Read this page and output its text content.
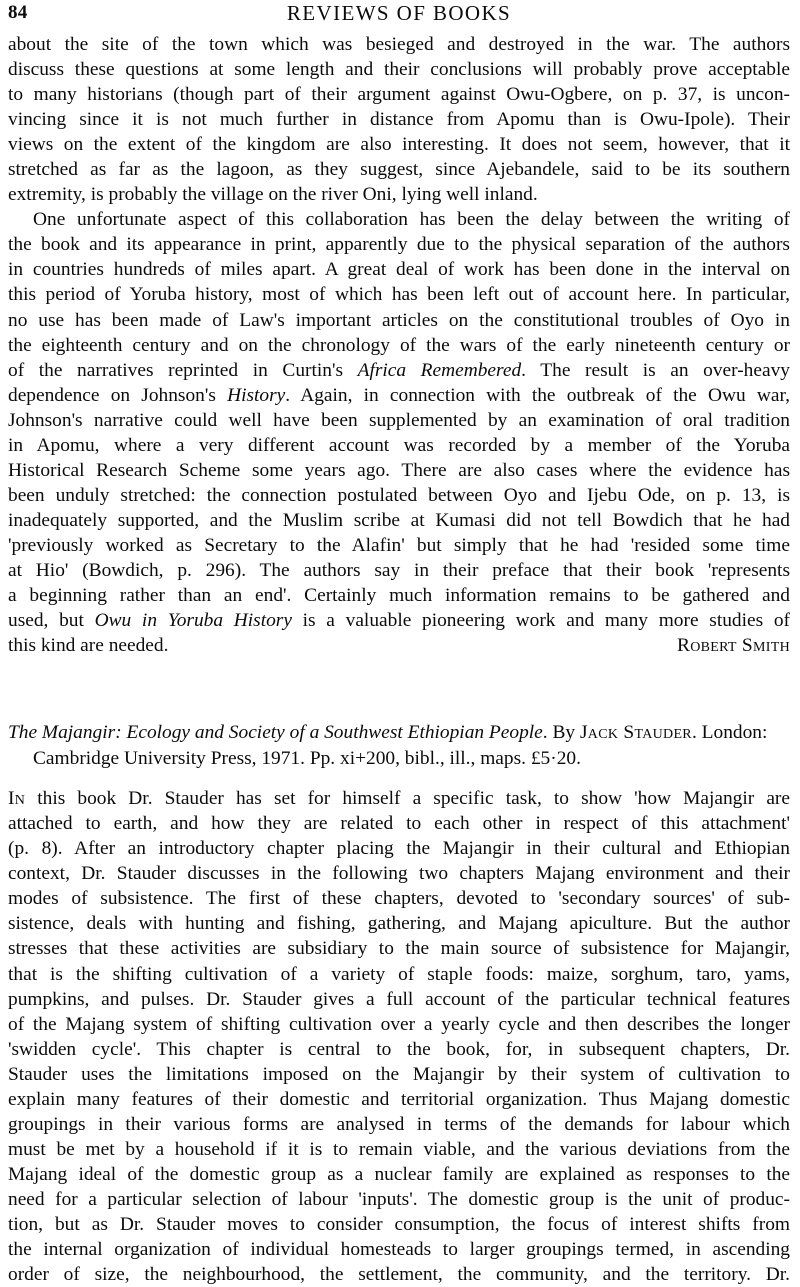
84	REVIEWS OF BOOKS
about the site of the town which was besieged and destroyed in the war. The authors
discuss these questions at some length and their conclusions will probably prove acceptable
to many historians (though part of their argument against Owu-Ogbere, on p. 37, is uncon-
vincing since it is not much further in distance from Apomu than is Owu-Ipole). Their
views on the extent of the kingdom are also interesting. It does not seem, however, that it
stretched as far as the lagoon, as they suggest, since Ajebandele, said to be its southern
extremity, is probably the village on the river Oni, lying well inland.
One unfortunate aspect of this collaboration has been the delay between the writing of
the book and its appearance in print, apparently due to the physical separation of the authors
in countries hundreds of miles apart. A great deal of work has been done in the interval on
this period of Yoruba history, most of which has been left out of account here. In particular,
no use has been made of Law's important articles on the constitutional troubles of Oyo in
the eighteenth century and on the chronology of the wars of the early nineteenth century or
of the narratives reprinted in Curtin's Africa Remembered. The result is an over-heavy
dependence on Johnson's History. Again, in connection with the outbreak of the Owu war,
Johnson's narrative could well have been supplemented by an examination of oral tradition
in Apomu, where a very different account was recorded by a member of the Yoruba
Historical Research Scheme some years ago. There are also cases where the evidence has
been unduly stretched: the connection postulated between Oyo and Ijebu Ode, on p. 13, is
inadequately supported, and the Muslim scribe at Kumasi did not tell Bowdich that he had
'previously worked as Secretary to the Alafin' but simply that he had 'resided some time
at Hio' (Bowdich, p. 296). The authors say in their preface that their book 'represents
a beginning rather than an end'. Certainly much information remains to be gathered and
used, but Owu in Yoruba History is a valuable pioneering work and many more studies of
this kind are needed.	Robert Smith
The Majangir: Ecology and Society of a Southwest Ethiopian People. By Jack Stauder. London:
Cambridge University Press, 1971. Pp. xi+200, bibl., ill., maps. £5·20.
In this book Dr. Stauder has set for himself a specific task, to show 'how Majangir are
attached to earth, and how they are related to each other in respect of this attachment'
(p. 8). After an introductory chapter placing the Majangir in their cultural and Ethiopian
context, Dr. Stauder discusses in the following two chapters Majang environment and their
modes of subsistence. The first of these chapters, devoted to 'secondary sources' of sub-
sistence, deals with hunting and fishing, gathering, and Majang apiculture. But the author
stresses that these activities are subsidiary to the main source of subsistence for Majangir,
that is the shifting cultivation of a variety of staple foods: maize, sorghum, taro, yams,
pumpkins, and pulses. Dr. Stauder gives a full account of the particular technical features
of the Majang system of shifting cultivation over a yearly cycle and then describes the longer
'swidden cycle'. This chapter is central to the book, for, in subsequent chapters, Dr.
Stauder uses the limitations imposed on the Majangir by their system of cultivation to
explain many features of their domestic and territorial organization. Thus Majang domestic
groupings in their various forms are analysed in terms of the demands for labour which
must be met by a household if it is to remain viable, and the various deviations from the
Majang ideal of the domestic group as a nuclear family are explained as responses to the
need for a particular selection of labour 'inputs'. The domestic group is the unit of produc-
tion, but as Dr. Stauder moves to consider consumption, the focus of interest shifts from
the internal organization of individual homesteads to larger groupings termed, in ascending
order of size, the neighbourhood, the settlement, the community, and the territory. Dr.
